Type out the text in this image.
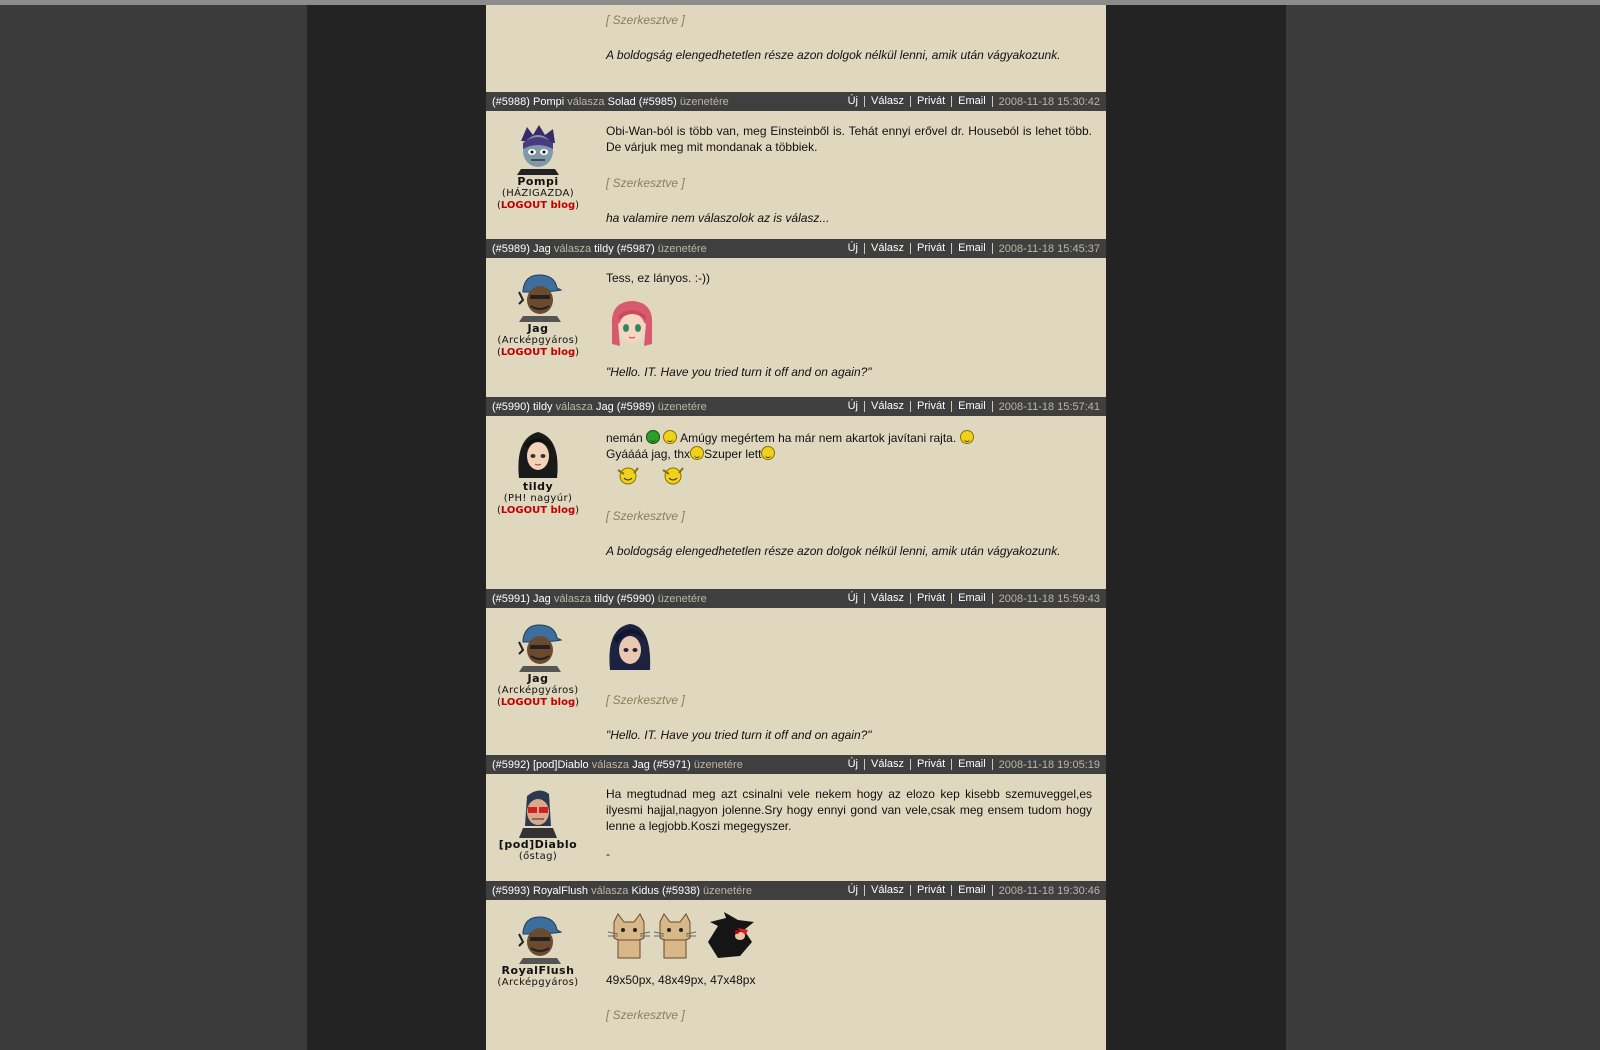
[ Szerkesztve ]
A boldogság elengedhetetlen része azon dolgok nélkül lenni, amik után vágyakozunk.
(#5988) Pompi válasza Solad (#5985) üzenetére	Új	Válasz	Privát	Email	2008-11-18 15:30:42
Pompi
(HÁZIGAZDA)
(LOGOUT blog)
Obi-Wan-ból is több van, meg Einsteinből is. Tehát ennyi erővel dr. Houseból is lehet több. De várjuk meg mit mondanak a többiek.
[ Szerkesztve ]
ha valamire nem válaszolok az is válasz...
(#5989) Jag válasza tildy (#5987) üzenetére	Új	Válasz	Privát	Email	2008-11-18 15:45:37
Jag
(Arcképgyáros)
(LOGOUT blog)
Tess, ez lányos. :-))
"Hello. IT. Have you tried turn it off and on again?"
(#5990) tildy válasza Jag (#5989) üzenetére	Új	Válasz	Privát	Email	2008-11-18 15:57:41
tildy
(PH! nagyúr)
(LOGOUT blog)
nemán	Amúgy megértem ha már nem akartok javítani rajta.
Gyáááá jag, thx Szuper lett

[ Szerkesztve ]
A boldogság elengedhetetlen része azon dolgok nélkül lenni, amik után vágyakozunk.
(#5991) Jag válasza tildy (#5990) üzenetére	Új	Válasz	Privát	Email	2008-11-18 15:59:43
Jag
(Arcképgyáros)
(LOGOUT blog)	[ Szerkesztve ]
"Hello. IT. Have you tried turn it off and on again?"
(#5992) [pod]Diablo válasza Jag (#5971) üzenetére	Új	Válasz	Privát	Email	2008-11-18 19:05:19
[pod]Diablo
(őstag)
Ha megtudnad meg azt csinalni vele nekem hogy az elozo kep kisebb szemuveggel,es ilyesmi hajjal,nagyon jolenne.Sry hogy ennyi gond van vele,csak meg ensem tudom hogy lenne a legjobb.Koszi megegyszer.
-
(#5993) RoyalFlush válasza Kidus (#5938) üzenetére	Új	Válasz	Privát	Email	2008-11-18 19:30:46
RoyalFlush
(Arcképgyáros)	49x50px, 48x49px, 47x48px
[ Szerkesztve ]
